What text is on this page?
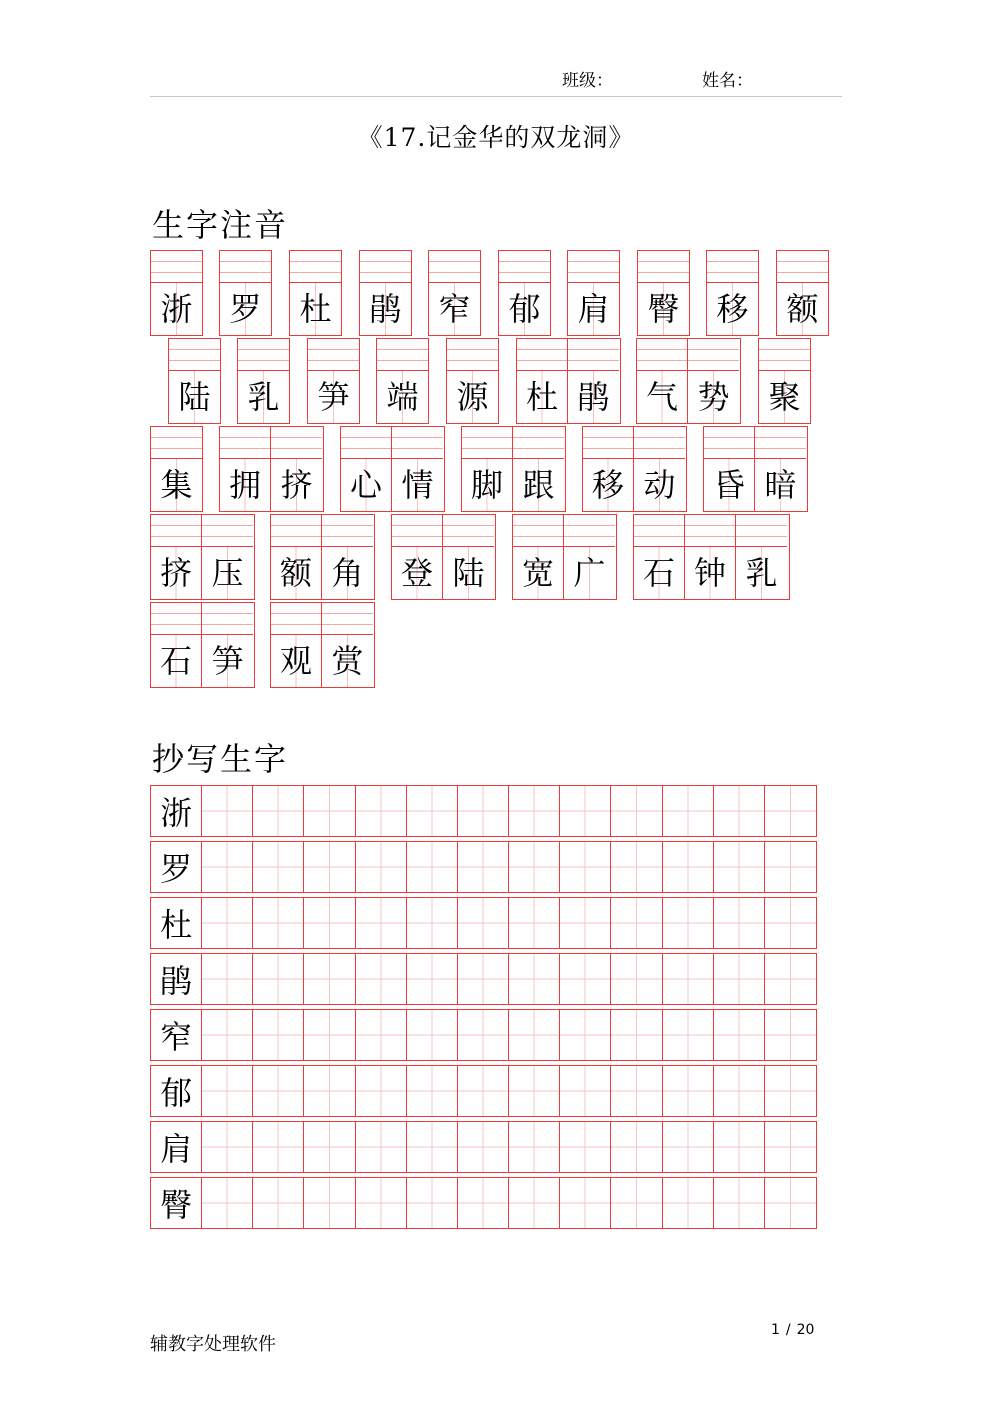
班级：	姓名：
《17.记金华的双龙洞》
生字注音
浙 罗 杜 鹃 窄 郁 肩 臀 移 额
陆 乳 笋 端 源 杜 鹃 气 势 聚
集 拥 挤 心 情 脚 跟 移 动 昏 暗
挤 压 额 角 登 陆 宽 广 石 钟 乳
石 笋 观 赏
抄写生字
浙
罗
杜
鹃
窄
郁
肩
臀
辅教字处理软件
1 / 20
